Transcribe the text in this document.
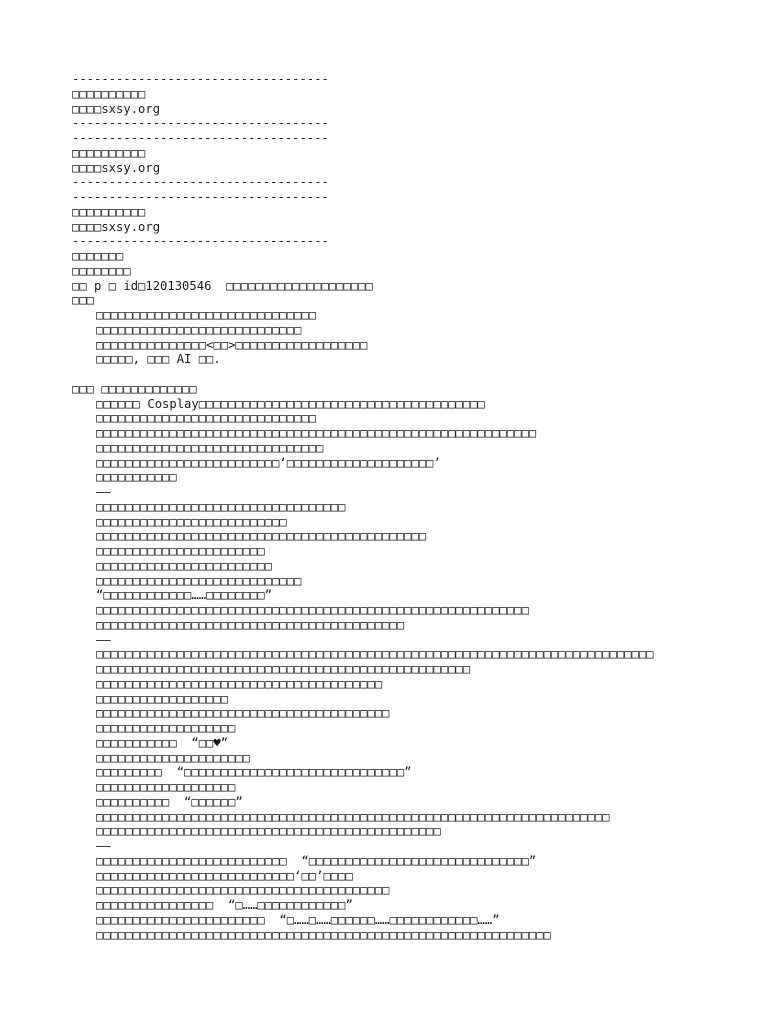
-----------------------------------
□□□□□□□□□□
□□□□sxsy.org
-----------------------------------
-----------------------------------
□□□□□□□□□□
□□□□sxsy.org
-----------------------------------
-----------------------------------
□□□□□□□□□□
□□□□sxsy.org
-----------------------------------
□□□□□□□
□□□□□□□□
□□ p □ id□120130546  □□□□□□□□□□□□□□□□□□□□
□□□
□□□□□□□□□□□□□□□□□□□□□□□□□□□□□□
□□□□□□□□□□□□□□□□□□□□□□□□□□□□
□□□□□□□□□□□□□□□<□□>□□□□□□□□□□□□□□□□□□
□□□□□, □□□ AI □□.
□□□ □□□□□□□□□□□□□
□□□□□□ Cosplay□□□□□□□□□□□□□□□□□□□□□□□□□□□□□□□□□□□□□□□
□□□□□□□□□□□□□□□□□□□□□□□□□□□□□□
□□□□□□□□□□□□□□□□□□□□□□□□□□□□□□□□□□□□□□□□□□□□□□□□□□□□□□□□□□□□
□□□□□□□□□□□□□□□□□□□□□□□□□□□□□□□
□□□□□□□□□□□□□□□□□□□□□□□□□‘□□□□□□□□□□□□□□□□□□□□’
□□□□□□□□□□□
——
□□□□□□□□□□□□□□□□□□□□□□□□□□□□□□□□□□
□□□□□□□□□□□□□□□□□□□□□□□□□□
□□□□□□□□□□□□□□□□□□□□□□□□□□□□□□□□□□□□□□□□□□□□□
□□□□□□□□□□□□□□□□□□□□□□□
□□□□□□□□□□□□□□□□□□□□□□□□
□□□□□□□□□□□□□□□□□□□□□□□□□□□□
“□□□□□□□□□□□□……□□□□□□□□”
□□□□□□□□□□□□□□□□□□□□□□□□□□□□□□□□□□□□□□□□□□□□□□□□□□□□□□□□□□□
□□□□□□□□□□□□□□□□□□□□□□□□□□□□□□□□□□□□□□□□□□
——
□□□□□□□□□□□□□□□□□□□□□□□□□□□□□□□□□□□□□□□□□□□□□□□□□□□□□□□□□□□□□□□□□□□□□□□□□□□□
□□□□□□□□□□□□□□□□□□□□□□□□□□□□□□□□□□□□□□□□□□□□□□□□□□□
□□□□□□□□□□□□□□□□□□□□□□□□□□□□□□□□□□□□□□□
□□□□□□□□□□□□□□□□□□
□□□□□□□□□□□□□□□□□□□□□□□□□□□□□□□□□□□□□□□□
□□□□□□□□□□□□□□□□□□□
□□□□□□□□□□□  “□□♥”
□□□□□□□□□□□□□□□□□□□□□
□□□□□□□□□  “□□□□□□□□□□□□□□□□□□□□□□□□□□□□□□”
□□□□□□□□□□□□□□□□□□□
□□□□□□□□□□  “□□□□□□”
□□□□□□□□□□□□□□□□□□□□□□□□□□□□□□□□□□□□□□□□□□□□□□□□□□□□□□□□□□□□□□□□□□□□□□
□□□□□□□□□□□□□□□□□□□□□□□□□□□□□□□□□□□□□□□□□□□□□□□
——
□□□□□□□□□□□□□□□□□□□□□□□□□□  “□□□□□□□□□□□□□□□□□□□□□□□□□□□□□□”
□□□□□□□□□□□□□□□□□□□□□□□□□□□‘□□’□□□□
□□□□□□□□□□□□□□□□□□□□□□□□□□□□□□□□□□□□□□□□
□□□□□□□□□□□□□□□□  “□……□□□□□□□□□□□□”
□□□□□□□□□□□□□□□□□□□□□□□  “□……□……□□□□□□……□□□□□□□□□□□□……”
□□□□□□□□□□□□□□□□□□□□□□□□□□□□□□□□□□□□□□□□□□□□□□□□□□□□□□□□□□□□□□
